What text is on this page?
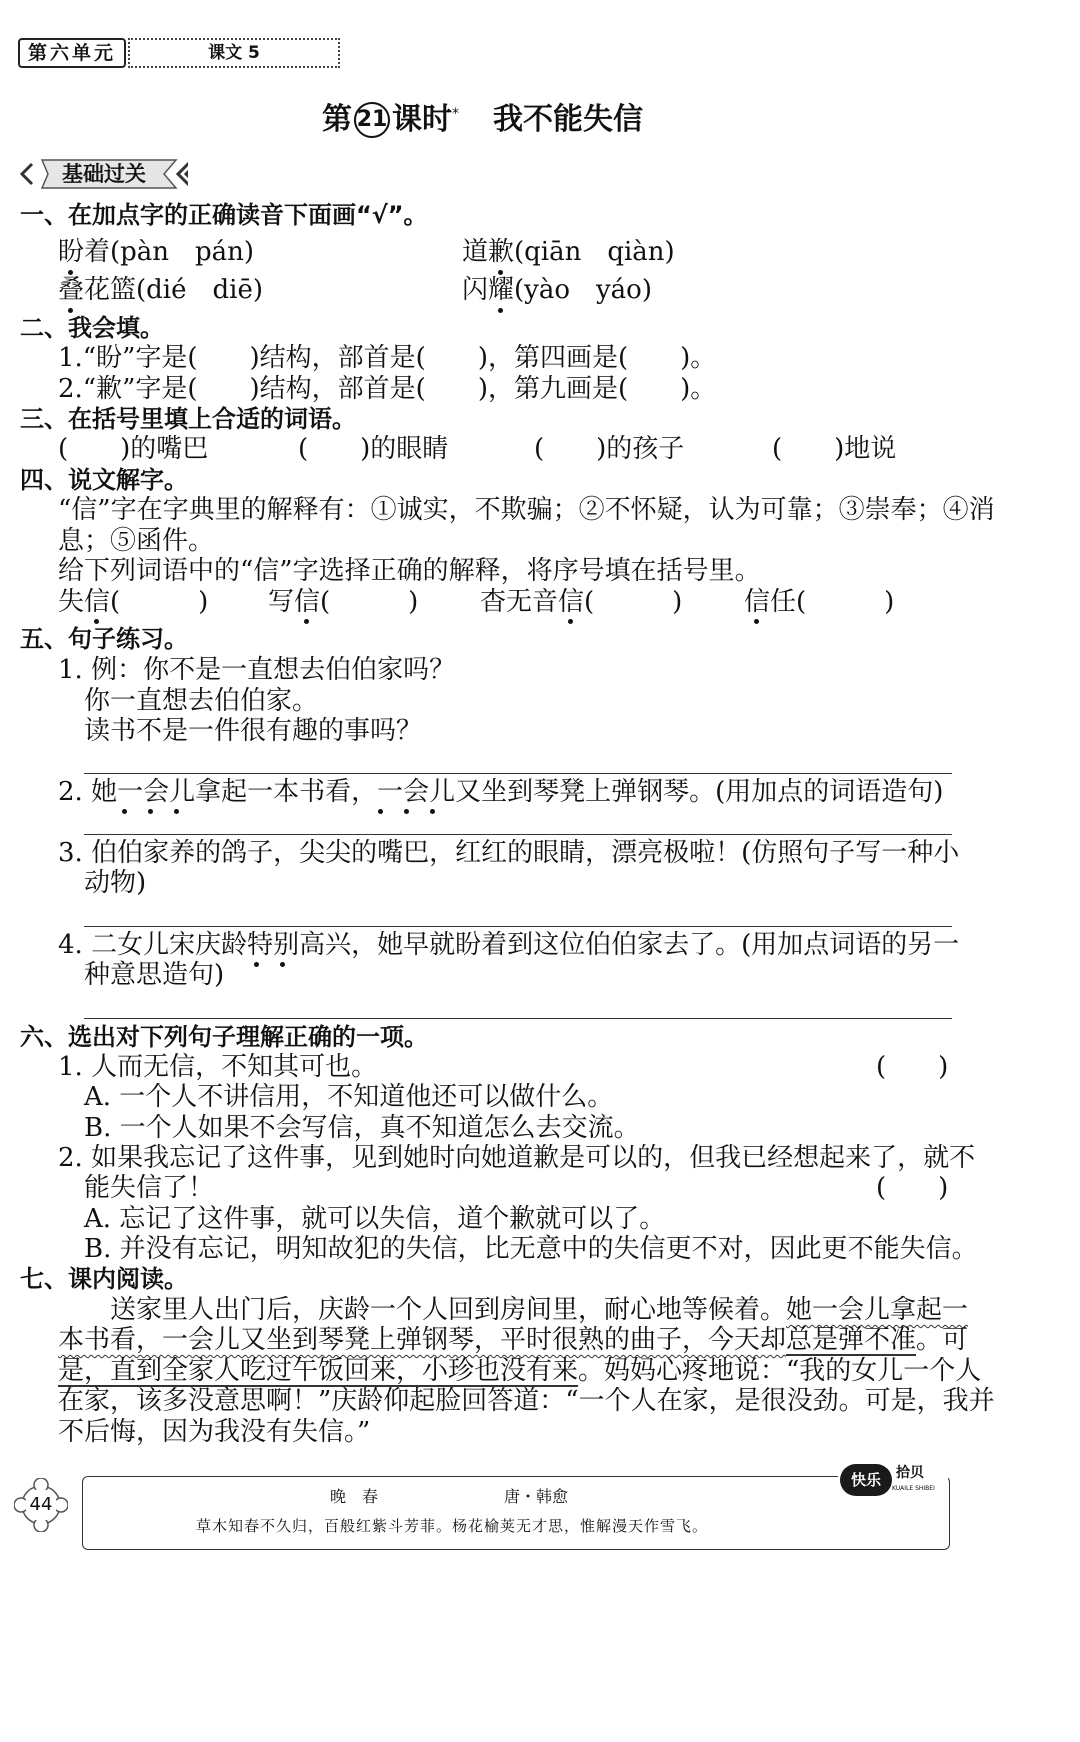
第六单元	课文 5
第 21 课时* 我不能失信
基础过关
一、在加点字的正确读音下面画“√”。
盼着(pàn　pán)	道歉(qiān　qiàn)
叠花篮(dié　diē)	闪耀(yào　yáo)
二、我会填。
1.“盼”字是(　　)结构，部首是(　　)，第四画是(　　)。
2.“歉”字是(　　)结构，部首是(　　)，第九画是(　　)。
三、在括号里填上合适的词语。
(　　)的嘴巴	(　　)的眼睛	(　　)的孩子	(　　)地说
四、说文解字。
“信”字在字典里的解释有：①诚实，不欺骗；②不怀疑，认为可靠；③崇奉；④消
息；⑤函件。
给下列词语中的“信”字选择正确的解释，将序号填在括号里。
失信(　　　) 写信(　　　) 杳无音信(　　　) 信任(　　　)
五、句子练习。
1. 例：你不是一直想去伯伯家吗？
你一直想去伯伯家。
读书不是一件很有趣的事吗？
2. 她一会儿拿起一本书看，一会儿又坐到琴凳上弹钢琴。(用加点的词语造句)
3. 伯伯家养的鸽子，尖尖的嘴巴，红红的眼睛，漂亮极啦！(仿照句子写一种小
动物)
4. 二女儿宋庆龄特别高兴，她早就盼着到这位伯伯家去了。(用加点词语的另一
种意思造句)
六、选出对下列句子理解正确的一项。
1. 人而无信，不知其可也。	(　　)
A. 一个人不讲信用，不知道他还可以做什么。
B. 一个人如果不会写信，真不知道怎么去交流。
2. 如果我忘记了这件事，见到她时向她道歉是可以的，但我已经想起来了，就不
能失信了！	(　　)
A. 忘记了这件事，就可以失信，道个歉就可以了。
B. 并没有忘记，明知故犯的失信，比无意中的失信更不对，因此更不能失信。
七、课内阅读。
送家里人出门后，庆龄一个人回到房间里，耐心地等候着。她一会儿拿起一
本书看，一会儿又坐到琴凳上弹钢琴，平时很熟的曲子，今天却总是弹不准。可
是，直到全家人吃过午饭回来，小珍也没有来。妈妈心疼地说：“我的女儿一个人
在家，该多没意思啊！”庆龄仰起脸回答道：“一个人在家，是很没劲。可是，我并
不后悔，因为我没有失信。”
44	晚　春	唐・韩愈
草木知春不久归，百般红紫斗芳菲。杨花榆荚无才思，惟解漫天作雪飞。
快乐	拾贝
KUAILE SHIBEI
